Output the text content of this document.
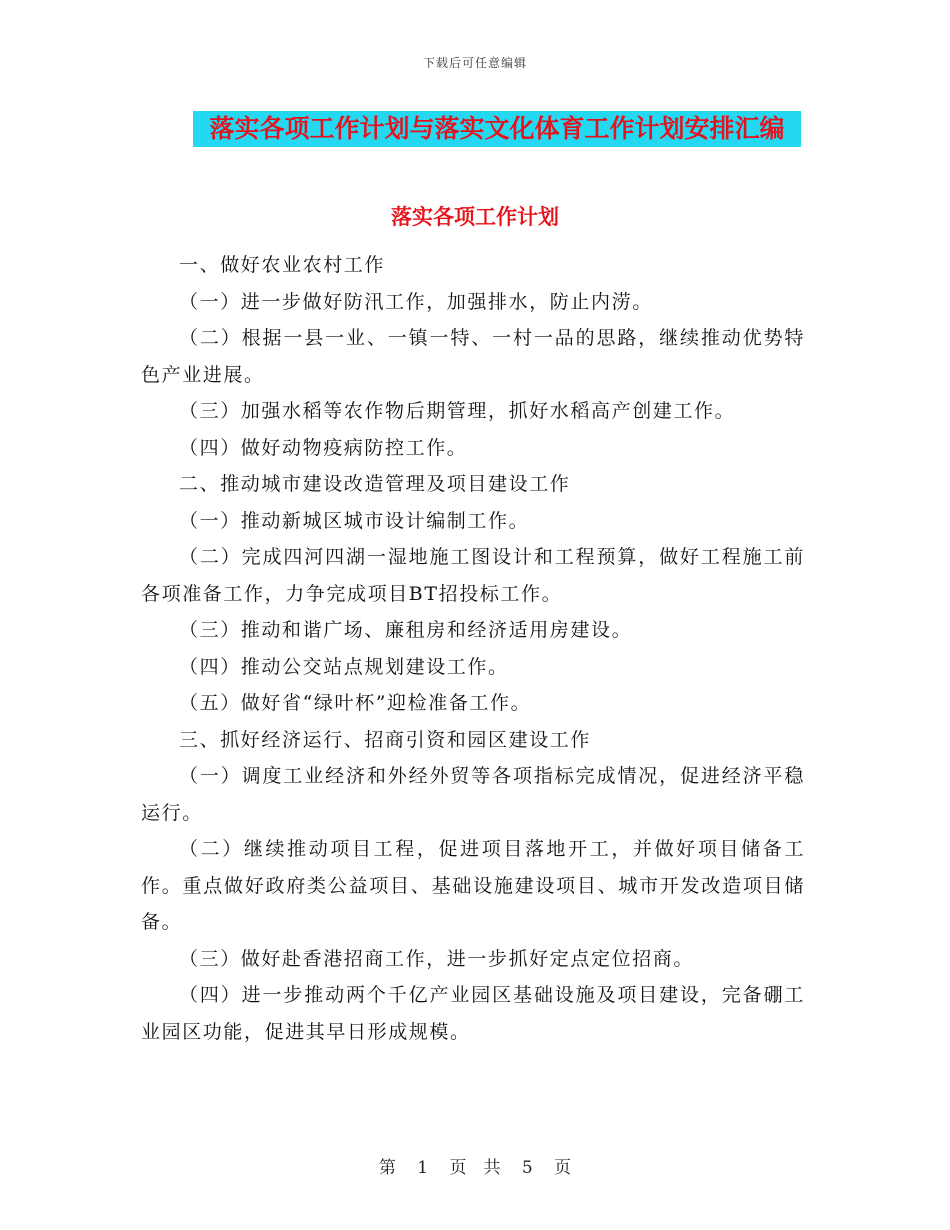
下载后可任意编辑
落实各项工作计划与落实文化体育工作计划安排汇编
落实各项工作计划

一、做好农业农村工作

（一）进一步做好防汛工作，加强排水，防止内涝。

（二）根据一县一业、一镇一特、一村一品的思路，继续推动优势特色产业进展。

（三）加强水稻等农作物后期管理，抓好水稻高产创建工作。

（四）做好动物疫病防控工作。

二、推动城市建设改造管理及项目建设工作

（一）推动新城区城市设计编制工作。

（二）完成四河四湖一湿地施工图设计和工程预算，做好工程施工前各项准备工作，力争完成项目BT招投标工作。

（三）推动和谐广场、廉租房和经济适用房建设。

（四）推动公交站点规划建设工作。

（五）做好省“绿叶杯”迎检准备工作。

三、抓好经济运行、招商引资和园区建设工作

（一）调度工业经济和外经外贸等各项指标完成情况，促进经济平稳运行。

（二）继续推动项目工程，促进项目落地开工，并做好项目储备工作。重点做好政府类公益项目、基础设施建设项目、城市开发改造项目储备。

（三）做好赴香港招商工作，进一步抓好定点定位招商。

（四）进一步推动两个千亿产业园区基础设施及项目建设，完备硼工业园区功能，促进其早日形成规模。

第 1 页　共 5 页
